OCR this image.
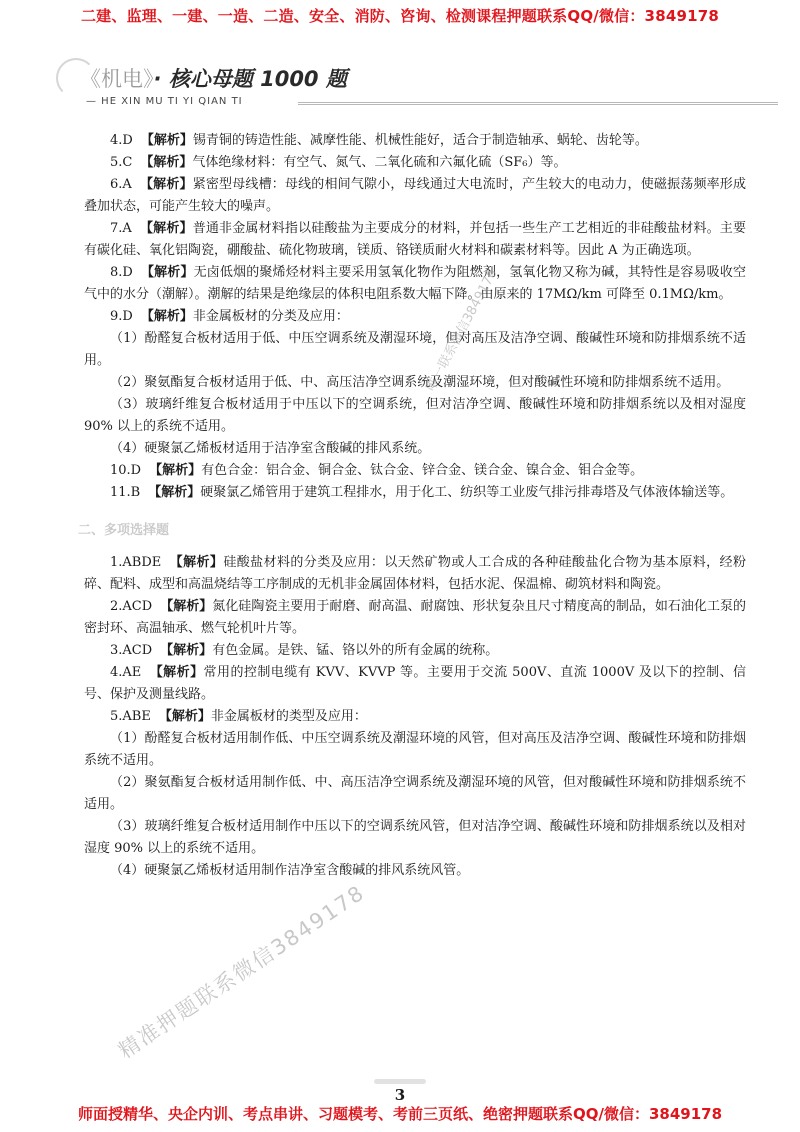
二建、监理、一建、一造、二造、安全、消防、咨询、检测课程押题联系QQ/微信：3849178
《机电》· 核心母题 1000 题
— HE XIN MU TI YI QIAN TI

4.D 【解析】锡青铜的铸造性能、减摩性能、机械性能好，适合于制造轴承、蜗轮、齿轮等。

5.C 【解析】气体绝缘材料：有空气、氮气、二氧化硫和六氟化硫（SF₆）等。

6.A 【解析】紧密型母线槽：母线的相间气隙小，母线通过大电流时，产生较大的电动力，使磁振荡频率形成叠加状态，可能产生较大的噪声。

7.A 【解析】普通非金属材料指以硅酸盐为主要成分的材料，并包括一些生产工艺相近的非硅酸盐材料。主要有碳化硅、氧化铝陶瓷，硼酸盐、硫化物玻璃，镁质、铬镁质耐火材料和碳素材料等。因此 A 为正确选项。

8.D 【解析】无卤低烟的聚烯烃材料主要采用氢氧化物作为阻燃剂，氢氧化物又称为碱，其特性是容易吸收空气中的水分（潮解）。潮解的结果是绝缘层的体积电阻系数大幅下降。由原来的 17MΩ/km 可降至 0.1MΩ/km。

9.D 【解析】非金属板材的分类及应用：

（1）酚醛复合板材适用于低、中压空调系统及潮湿环境，但对高压及洁净空调、酸碱性环境和防排烟系统不适用。

（2）聚氨酯复合板材适用于低、中、高压洁净空调系统及潮湿环境，但对酸碱性环境和防排烟系统不适用。

（3）玻璃纤维复合板材适用于中压以下的空调系统，但对洁净空调、酸碱性环境和防排烟系统以及相对湿度 90% 以上的系统不适用。

（4）硬聚氯乙烯板材适用于洁净室含酸碱的排风系统。

10.D 【解析】有色合金：铝合金、铜合金、钛合金、锌合金、镁合金、镍合金、钼合金等。

11.B 【解析】硬聚氯乙烯管用于建筑工程排水，用于化工、纺织等工业废气排污排毒塔及气体液体输送等。

二、多项选择题

1.ABDE 【解析】硅酸盐材料的分类及应用：以天然矿物或人工合成的各种硅酸盐化合物为基本原料，经粉碎、配料、成型和高温烧结等工序制成的无机非金属固体材料，包括水泥、保温棉、砌筑材料和陶瓷。

2.ACD 【解析】氮化硅陶瓷主要用于耐磨、耐高温、耐腐蚀、形状复杂且尺寸精度高的制品，如石油化工泵的密封环、高温轴承、燃气轮机叶片等。

3.ACD 【解析】有色金属。是铁、锰、铬以外的所有金属的统称。

4.AE 【解析】常用的控制电缆有 KVV、KVVP 等。主要用于交流 500V、直流 1000V 及以下的控制、信号、保护及测量线路。

5.ABE 【解析】非金属板材的类型及应用：

（1）酚醛复合板材适用制作低、中压空调系统及潮湿环境的风管，但对高压及洁净空调、酸碱性环境和防排烟系统不适用。

（2）聚氨酯复合板材适用制作低、中、高压洁净空调系统及潮湿环境的风管，但对酸碱性环境和防排烟系统不适用。

（3）玻璃纤维复合板材适用制作中压以下的空调系统风管，但对洁净空调、酸碱性环境和防排烟系统以及相对湿度 90% 以上的系统不适用。

（4）硬聚氯乙烯板材适用制作洁净室含酸碱的排风系统风管。

唯一联系微信3849176
精准押题联系微信3849178
3
师面授精华、央企内训、考点串讲、习题模考、考前三页纸、绝密押题联系QQ/微信：3849178
